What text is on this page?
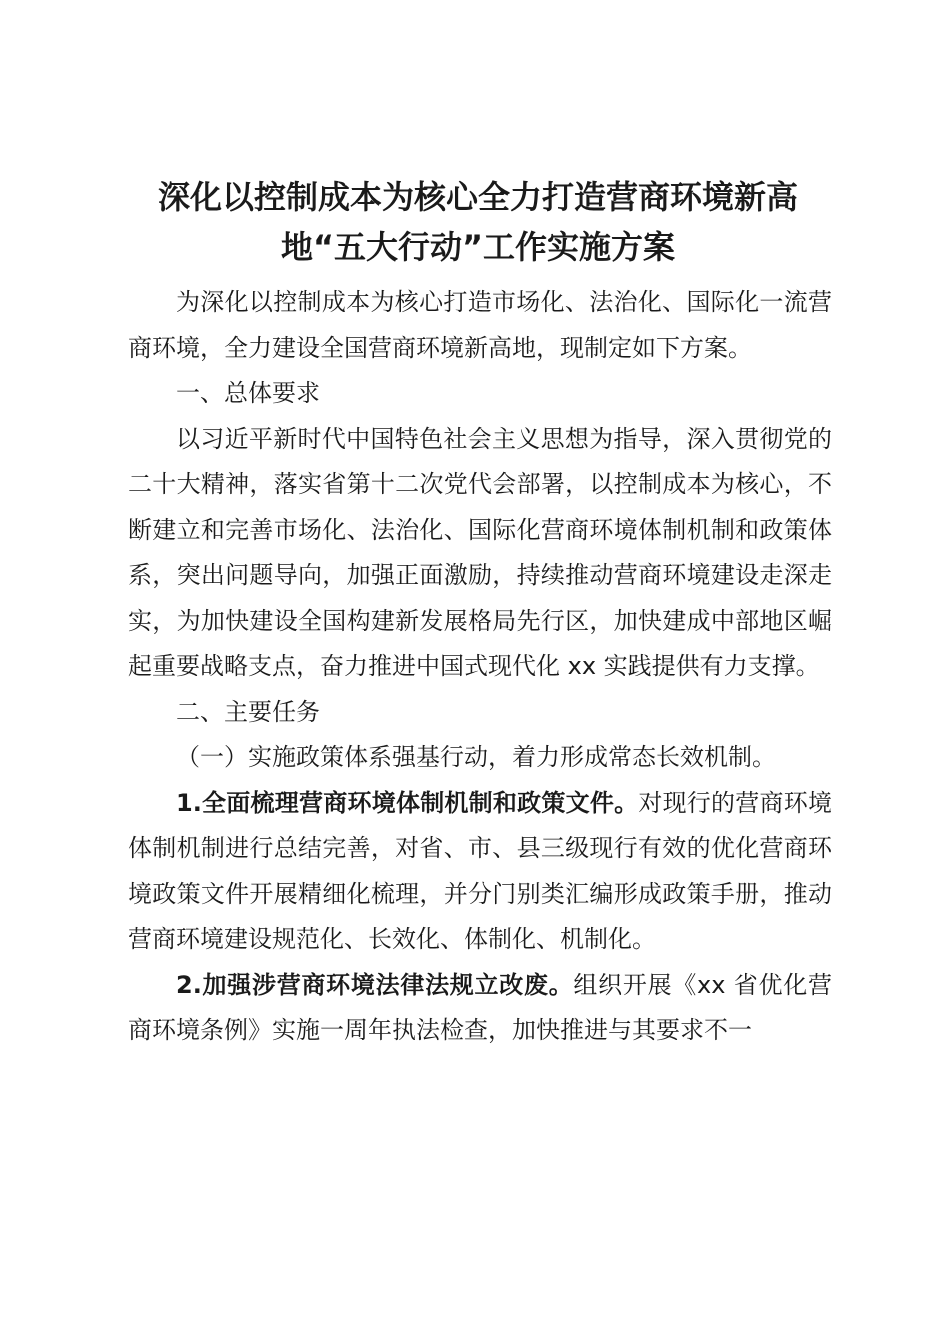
深化以控制成本为核心全力打造营商环境新高地“五大行动”工作实施方案

为深化以控制成本为核心打造市场化、法治化、国际化一流营商环境，全力建设全国营商环境新高地，现制定如下方案。

一、总体要求

以习近平新时代中国特色社会主义思想为指导，深入贯彻党的二十大精神，落实省第十二次党代会部署，以控制成本为核心，不断建立和完善市场化、法治化、国际化营商环境体制机制和政策体系，突出问题导向，加强正面激励，持续推动营商环境建设走深走实，为加快建设全国构建新发展格局先行区，加快建成中部地区崛起重要战略支点，奋力推进中国式现代化 xx 实践提供有力支撑。

二、主要任务

（一）实施政策体系强基行动，着力形成常态长效机制。

1.全面梳理营商环境体制机制和政策文件。对现行的营商环境体制机制进行总结完善，对省、市、县三级现行有效的优化营商环境政策文件开展精细化梳理，并分门别类汇编形成政策手册，推动营商环境建设规范化、长效化、体制化、机制化。

2.加强涉营商环境法律法规立改废。组织开展《xx 省优化营商环境条例》实施一周年执法检查，加快推进与其要求不一
